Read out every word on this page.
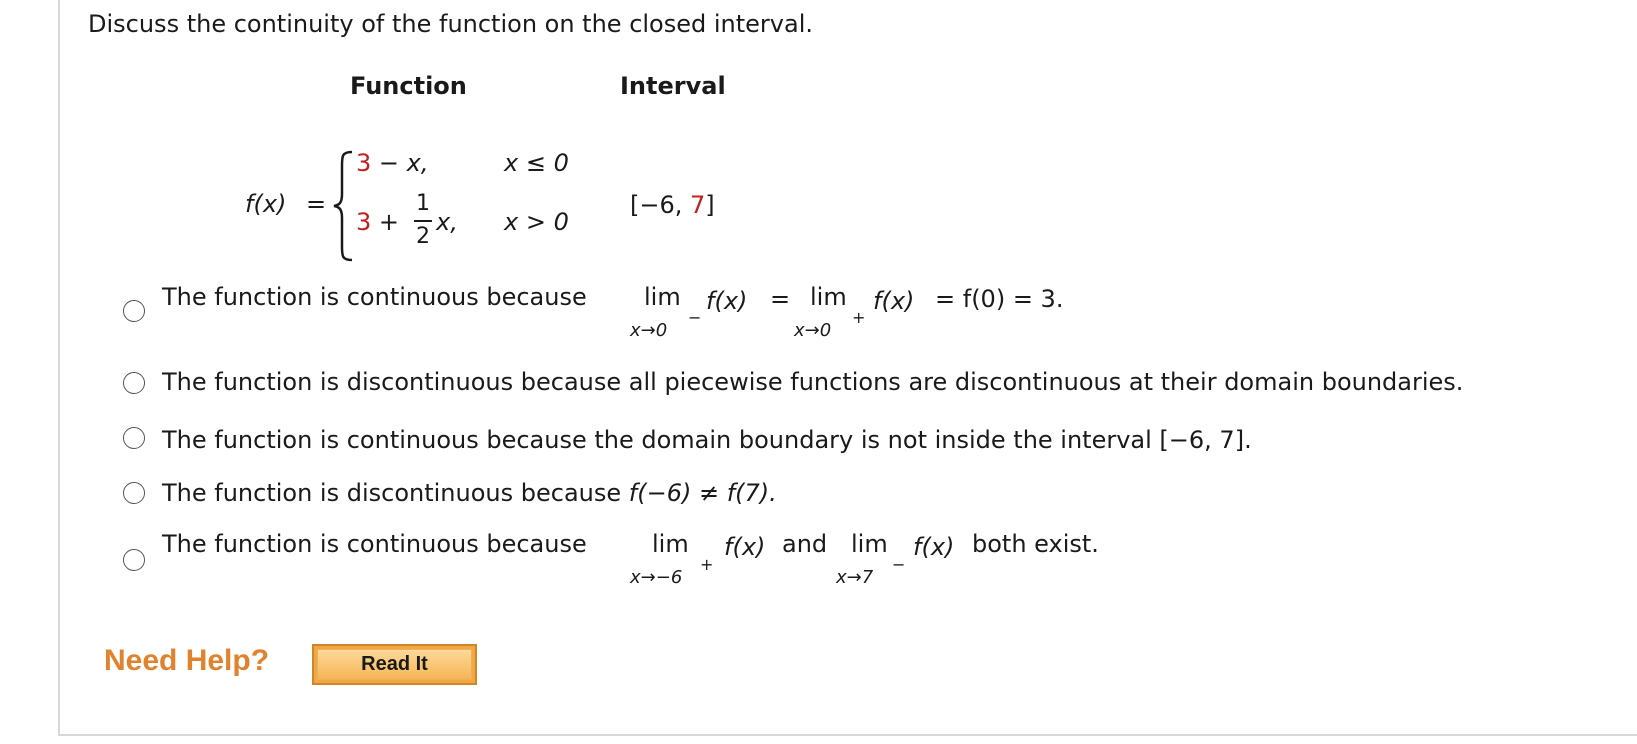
Discuss the continuity of the function on the closed interval.
Function	Interval
f(x) =
3 − x,	x ≤ 0
3 +
1
2
x, x > 0
[−6, 7]
The function is continuous because lim f(x) = lim f(x) = f(0) = 3.
x→0
−
x→0
+
The function is discontinuous because all piecewise functions are discontinuous at their domain boundaries.
The function is continuous because the domain boundary is not inside the interval [−6, 7].
The function is discontinuous because f(−6) ≠ f(7).
The function is continuous because	lim f(x) and lim f(x) both exist.
x→−6
+
x→7
−
Need Help?	Read It
